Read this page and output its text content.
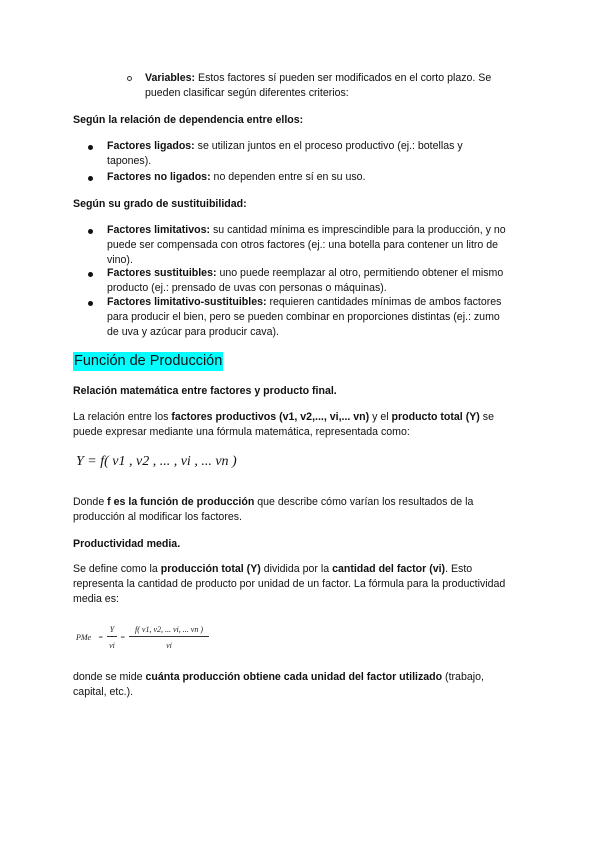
Variables: Estos factores sí pueden ser modificados en el corto plazo. Se
pueden clasificar según diferentes criterios:
Según la relación de dependencia entre ellos:
Factores ligados: se utilizan juntos en el proceso productivo (ej.: botellas y
tapones).
Factores no ligados: no dependen entre sí en su uso.
Según su grado de sustituibilidad:
Factores limitativos: su cantidad mínima es imprescindible para la producción, y no
puede ser compensada con otros factores (ej.: una botella para contener un litro de
vino).
Factores sustituibles: uno puede reemplazar al otro, permitiendo obtener el mismo
producto (ej.: prensado de uvas con personas o máquinas).
Factores limitativo-sustituibles: requieren cantidades mínimas de ambos factores
para producir el bien, pero se pueden combinar en proporciones distintas (ej.: zumo
de uva y azúcar para producir cava).
Función de Producción
Relación matemática entre factores y producto final.
La relación entre los factores productivos (v1, v2,..., vi,... vn) y el producto total (Y) se
puede expresar mediante una fórmula matemática, representada como:
Y = f( v1 , v2 , ... , vi , ... vn )
Donde f es la función de producción que describe cómo varían los resultados de la
producción al modificar los factores.
Productividad media.
Se define como la producción total (Y) dividida por la cantidad del factor (vi). Esto
representa la cantidad de producto por unidad de un factor. La fórmula para la productividad
media es:
PMe =
Y
vi
=
f( v1, v2, ... vi, ... vn )
vi
donde se mide cuánta producción obtiene cada unidad del factor utilizado (trabajo,
capital, etc.).
